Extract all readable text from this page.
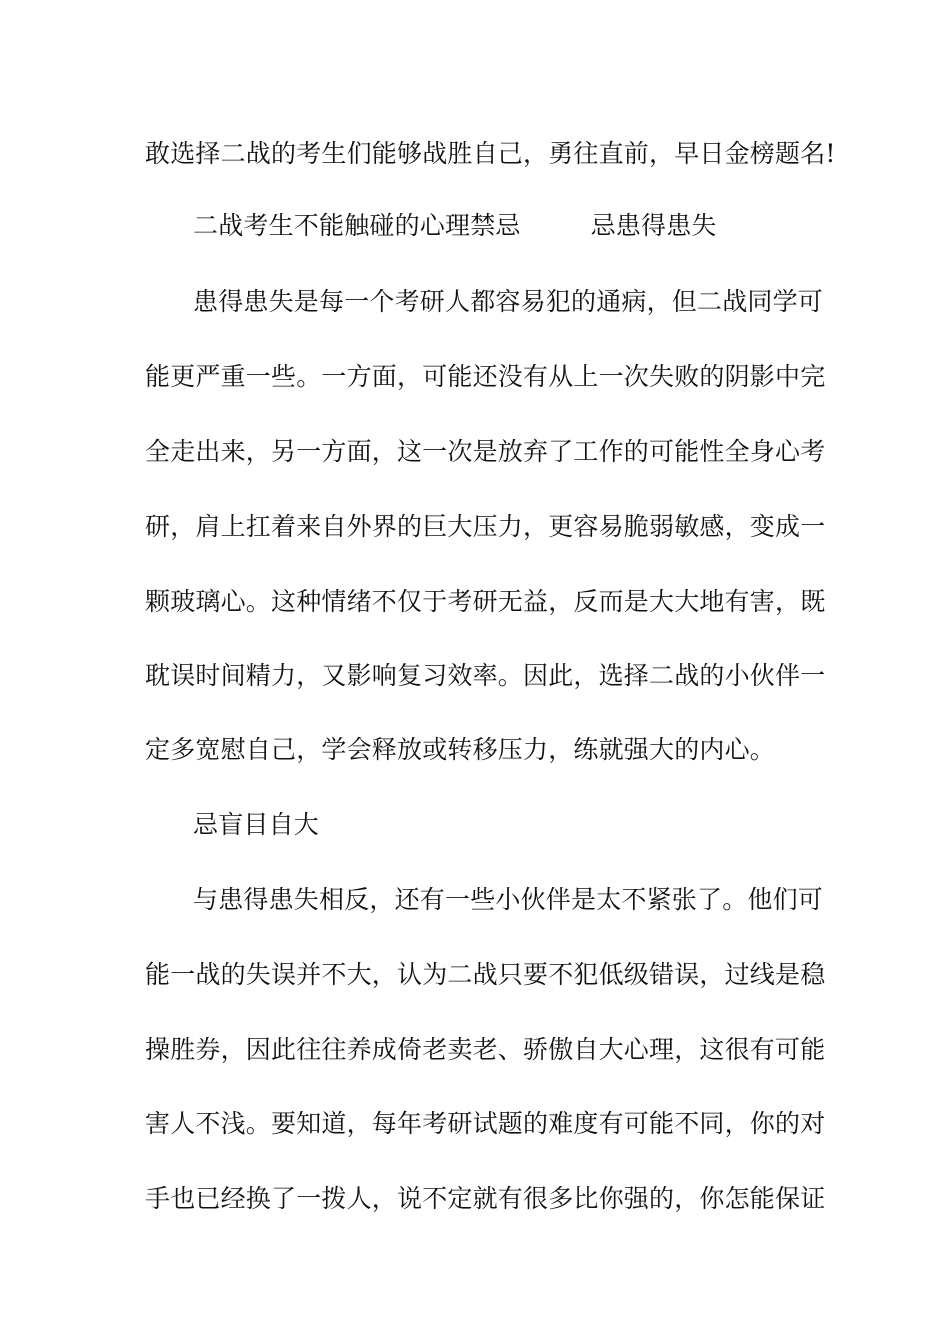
敢选择二战的考生们能够战胜自己，勇往直前，早日金榜题名!
二战考生不能触碰的心理禁忌	忌患得患失
患得患失是每一个考研人都容易犯的通病，但二战同学可
能更严重一些。一方面，可能还没有从上一次失败的阴影中完
全走出来，另一方面，这一次是放弃了工作的可能性全身心考
研，肩上扛着来自外界的巨大压力，更容易脆弱敏感，变成一
颗玻璃心。这种情绪不仅于考研无益，反而是大大地有害，既
耽误时间精力，又影响复习效率。因此，选择二战的小伙伴一
定多宽慰自己，学会释放或转移压力，练就强大的内心。
忌盲目自大
与患得患失相反，还有一些小伙伴是太不紧张了。他们可
能一战的失误并不大，认为二战只要不犯低级错误，过线是稳
操胜券，因此往往养成倚老卖老、骄傲自大心理，这很有可能
害人不浅。要知道，每年考研试题的难度有可能不同，你的对
手也已经换了一拨人，说不定就有很多比你强的，你怎能保证
